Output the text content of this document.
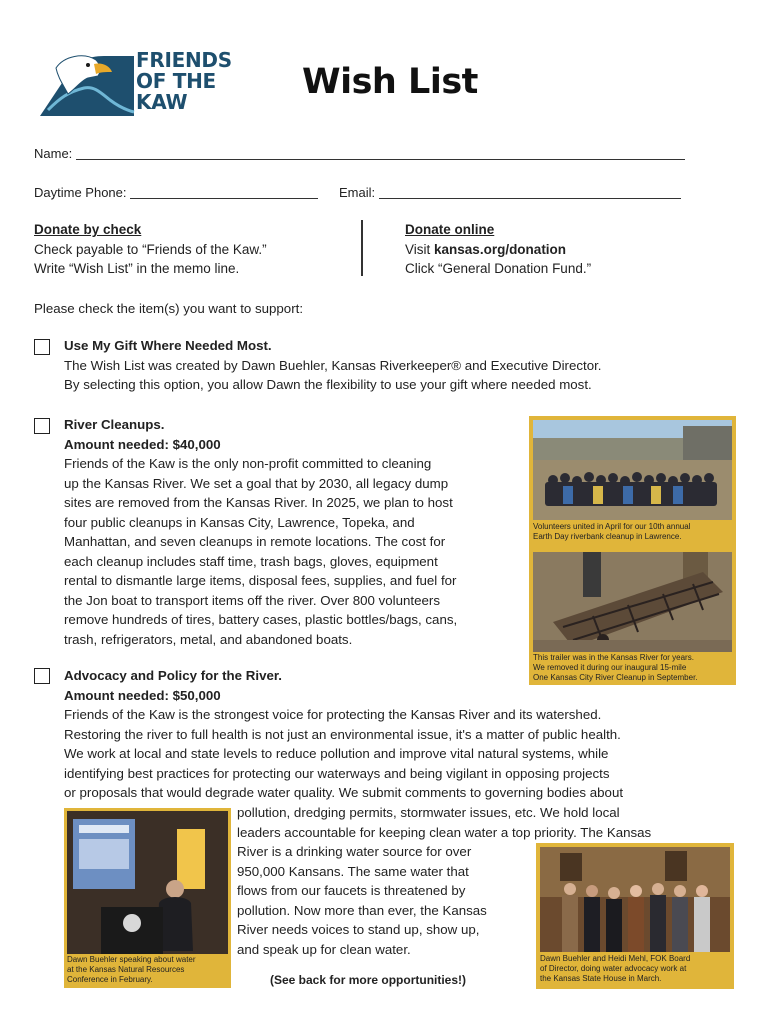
FRIENDS
OF THE
KAW	Wish List
Name:
Daytime Phone:	Email:
Donate by check
Check payable to “Friends of the Kaw.”
Write “Wish List” in the memo line.
Donate online
Visit kansas.org/donation
Click “General Donation Fund.”
Please check the item(s) you want to support:
Use My Gift Where Needed Most.
The Wish List was created by Dawn Buehler, Kansas Riverkeeper® and Executive Director.
By selecting this option, you allow Dawn the flexibility to use your gift where needed most.
River Cleanups.
Amount needed: $40,000
Friends of the Kaw is the only non-profit committed to cleaning
up the Kansas River. We set a goal that by 2030, all legacy dump
sites are removed from the Kansas River. In 2025, we plan to host
four public cleanups in Kansas City, Lawrence, Topeka, and
Manhattan, and seven cleanups in remote locations. The cost for
each cleanup includes staff time, trash bags, gloves, equipment
rental to dismantle large items, disposal fees, supplies, and fuel for
the Jon boat to transport items off the river. Over 800 volunteers
remove hundreds of tires, battery cases, plastic bottles/bags, cans,
trash, refrigerators, metal, and abandoned boats.
Volunteers united in April for our 10th annual
Earth Day riverbank cleanup in Lawrence.
This trailer was in the Kansas River for years.
We removed it during our inaugural 15-mile
One Kansas City River Cleanup in September.
Advocacy and Policy for the River.
Amount needed: $50,000
Friends of the Kaw is the strongest voice for protecting the Kansas River and its watershed.
Restoring the river to full health is not just an environmental issue, it's a matter of public health.
We work at local and state levels to reduce pollution and improve vital natural systems, while
identifying best practices for protecting our waterways and being vigilant in opposing projects
or proposals that would degrade water quality. We submit comments to governing bodies about
pollution, dredging permits, stormwater issues, etc. We hold local
leaders accountable for keeping clean water a top priority. The Kansas
River is a drinking water source for over
950,000 Kansans. The same water that
flows from our faucets is threatened by
pollution. Now more than ever, the Kansas
River needs voices to stand up, show up,
and speak up for clean water.
Dawn Buehler speaking about water
at the Kansas Natural Resources
Conference in February.
Dawn Buehler and Heidi Mehl, FOK Board
of Director, doing water advocacy work at
the Kansas State House in March.
(See back for more opportunities!)
